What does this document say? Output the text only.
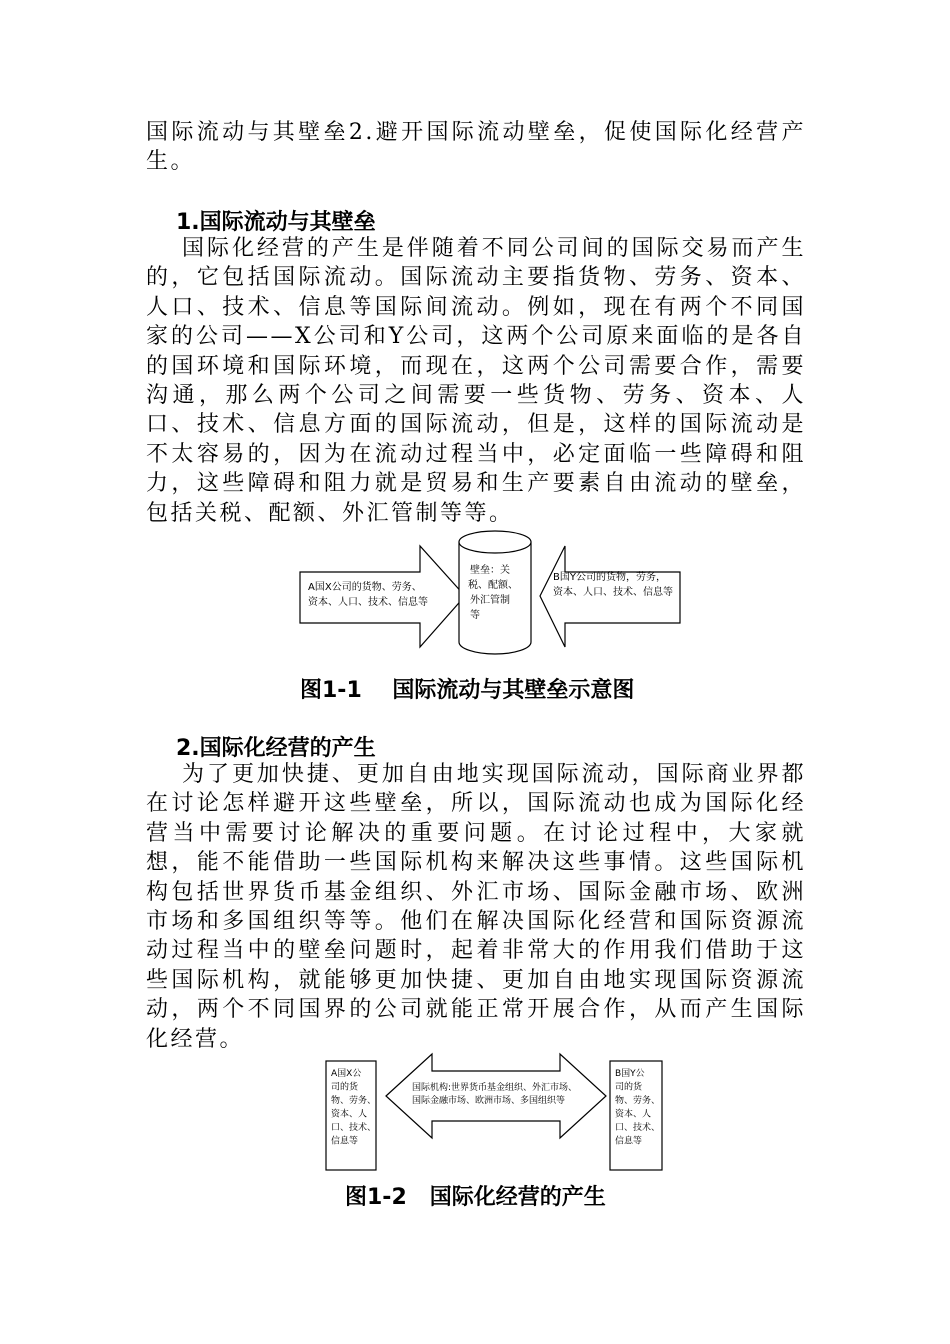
国际流动与其壁垒2.避开国际流动壁垒，促使国际化经营产生。

1.国际流动与其壁垒

国际化经营的产生是伴随着不同公司间的国际交易而产生的，它包括国际流动。国际流动主要指货物、劳务、资本、人口、技术、信息等国际间流动。例如，现在有两个不同国家的公司——X公司和Y公司，这两个公司原来面临的是各自的国环境和国际环境，而现在，这两个公司需要合作，需要沟通，那么两个公司之间需要一些货物、劳务、资本、人口、技术、信息方面的国际流动，但是，这样的国际流动是不太容易的，因为在流动过程当中，必定面临一些障碍和阻力，这些障碍和阻力就是贸易和生产要素自由流动的壁垒，包括关税、配额、外汇管制等等。

A国X公司的货物、劳务、
资本、人口、技术、信息等
壁垒：关
税、配额、
外汇管制
等
B国Y公司的货物，劳务，
资本、人口、技术、信息等
图1-1    国际流动与其壁垒示意图
2.国际化经营的产生

为了更加快捷、更加自由地实现国际流动，国际商业界都在讨论怎样避开这些壁垒，所以，国际流动也成为国际化经营当中需要讨论解决的重要问题。在讨论过程中，大家就想，能不能借助一些国际机构来解决这些事情。这些国际机构包括世界货币基金组织、外汇市场、国际金融市场、欧洲市场和多国组织等等。他们在解决国际化经营和国际资源流动过程当中的壁垒问题时，起着非常大的作用我们借助于这些国际机构，就能够更加快捷、更加自由地实现国际资源流动，两个不同国界的公司就能正常开展合作，从而产生国际化经营。

A国X公
司的货
物、劳务、
资本、人
口、技术、
信息等
国际机构:世界货币基金组织、外汇市场、
国际金融市场、欧洲市场、多国组织等
B国Y公
司的货
物、劳务、
资本、人
口、技术、
信息等
图1-2   国际化经营的产生
